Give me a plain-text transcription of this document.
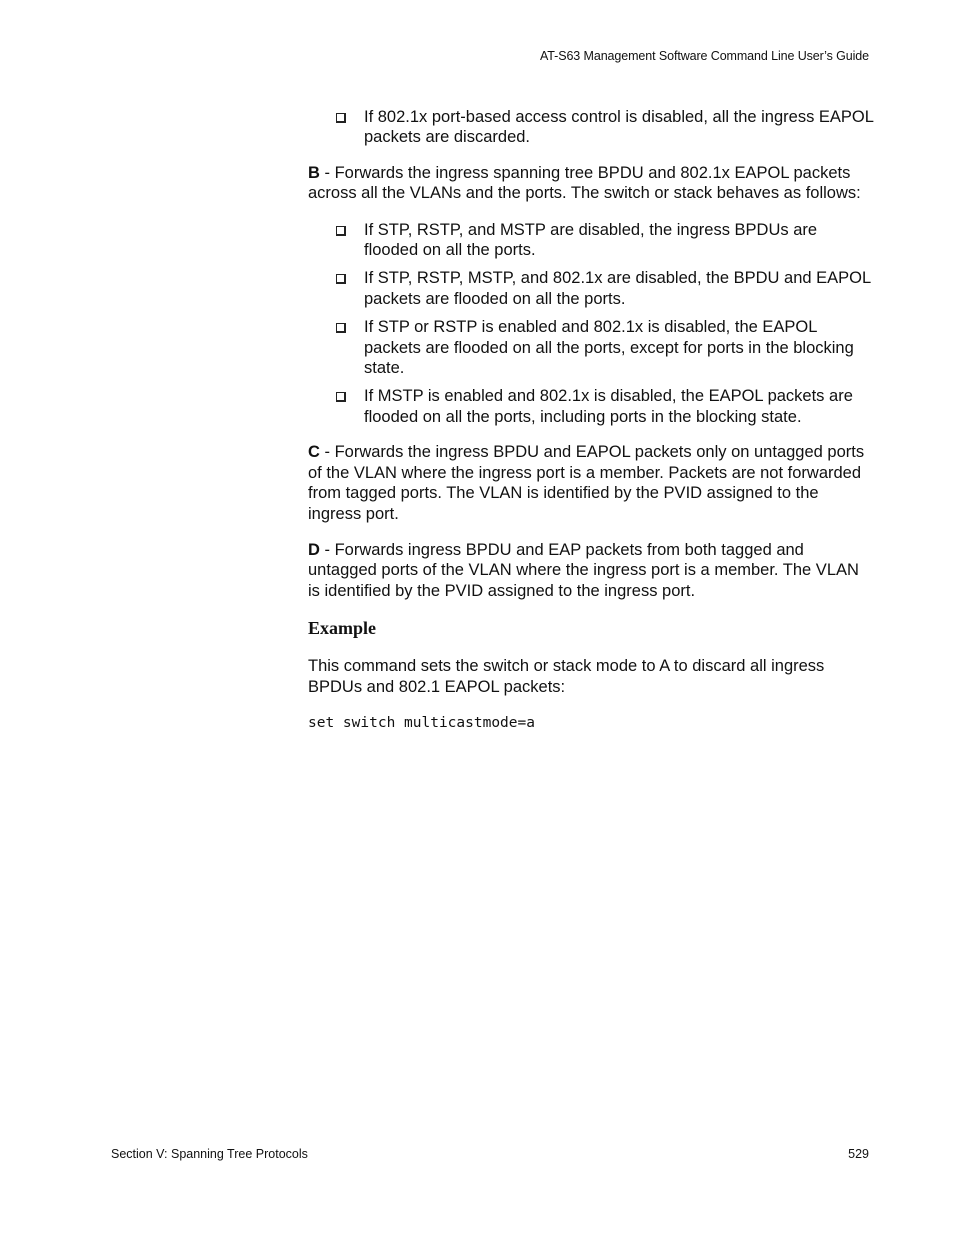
AT-S63 Management Software Command Line User’s Guide
If 802.1x port-based access control is disabled, all the ingress EAPOL packets are discarded.

B - Forwards the ingress spanning tree BPDU and 802.1x EAPOL packets across all the VLANs and the ports. The switch or stack behaves as follows:

If STP, RSTP, and MSTP are disabled, the ingress BPDUs are flooded on all the ports.
If STP, RSTP, MSTP, and 802.1x are disabled, the BPDU and EAPOL packets are flooded on all the ports.
If STP or RSTP is enabled and 802.1x is disabled, the EAPOL packets are flooded on all the ports, except for ports in the blocking state.
If MSTP is enabled and 802.1x is disabled, the EAPOL packets are flooded on all the ports, including ports in the blocking state.

C - Forwards the ingress BPDU and EAPOL packets only on untagged ports of the VLAN where the ingress port is a member. Packets are not forwarded from tagged ports. The VLAN is identified by the PVID assigned to the ingress port.

D - Forwards ingress BPDU and EAP packets from both tagged and untagged ports of the VLAN where the ingress port is a member. The VLAN is identified by the PVID assigned to the ingress port.

Example

This command sets the switch or stack mode to A to discard all ingress BPDUs and 802.1 EAPOL packets:

set switch multicastmode=a
Section V: Spanning Tree Protocols	529
